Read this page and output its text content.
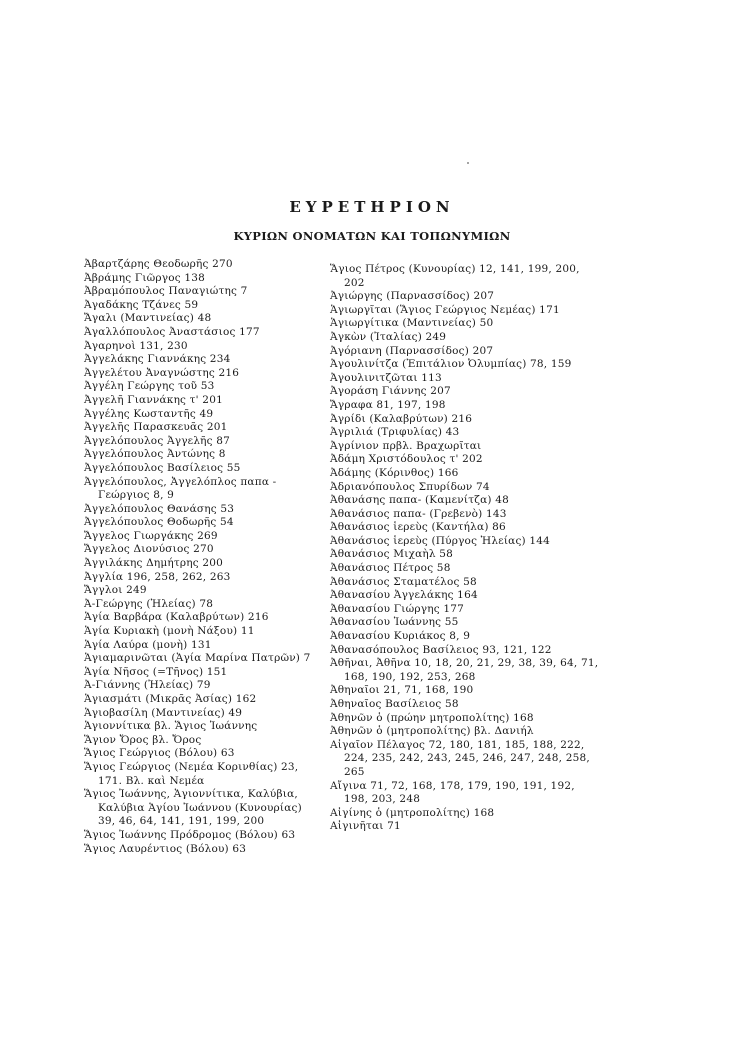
ΕΥΡΕΤΗΡΙΟΝ
ΚΥΡΙΩΝ ΟΝΟΜΑΤΩΝ ΚΑΙ ΤΟΠΩΝΥΜΙΩΝ
Ἀβαρτζάρης Θεοδωρῆς 270
Ἀβράμης Γιῶργος 138
Ἀβραμόπουλος Παναγιώτης 7
Ἀγαδάκης Τζάνες 59
Ἄγαλι (Μαντινείας) 48
Ἀγαλλόπουλος Ἀναστάσιος 177
Ἀγαρηνοὶ 131, 230
Ἀγγελάκης Γιαννάκης 234
Ἀγγελέτου Ἀναγνώστης 216
Ἀγγέλη Γεώργης τοῦ 53
Ἀγγελῆ Γιαννάκης τ' 201
Ἀγγέλης Κωσταντῆς 49
Ἀγγελῆς Παρασκευᾶς 201
Ἀγγελόπουλος Ἀγγελῆς 87
Ἀγγελόπουλος Ἀντώνης 8
Ἀγγελόπουλος Βασίλειος 55
Ἀγγελόπουλος, Ἀγγελόπλος παπα - Γεώργιος 8, 9
Ἀγγελόπουλος Θανάσης 53
Ἀγγελόπουλος Θοδωρῆς 54
Ἄγγελος Γιωργάκης 269
Ἄγγελος Διονύσιος 270
Ἀγγιλάκης Δημήτρης 200
Ἀγγλία 196, 258, 262, 263
Ἄγγλοι 249
Ἀ-Γεώργης (Ἠλείας) 78
Ἁγία Βαρβάρα (Καλαβρύτων) 216
Ἁγία Κυριακὴ (μονὴ Νάξου) 11
Ἁγία Λαύρα (μονὴ) 131
Ἁγιαμαρινῶται (Ἁγία Μαρίνα Πατρῶν) 7
Ἁγία Νῆσος (=Τῆνος) 151
Ἀ-Γιάννης (Ἠλείας) 79
Ἁγιασμάτι (Μικρᾶς Ἀσίας) 162
Ἁγιοβασίλη (Μαντινείας) 49
Ἁγιοννίτικα βλ. Ἅγιος Ἰωάννης
Ἅγιον Ὄρος βλ. Ὄρος
Ἅγιος Γεώργιος (Βόλου) 63
Ἅγιος Γεώργιος (Νεμέα Κορινθίας) 23, 171. Βλ. καὶ Νεμέα
Ἅγιος Ἰωάννης, Ἁγιοννίτικα, Καλύβια, Καλύβια Ἁγίου Ἰωάννου (Κυνουρίας) 39, 46, 64, 141, 191, 199, 200
Ἅγιος Ἰωάννης Πρόδρομος (Βόλου) 63
Ἅγιος Λαυρέντιος (Βόλου) 63
Ἅγιος Πέτρος (Κυνουρίας) 12, 141, 199, 200, 202
Ἀγιώργης (Παρνασσίδος) 207
Ἁγιωργῖται (Ἅγιος Γεώργιος Νεμέας) 171
Ἁγιωργίτικα (Μαντινείας) 50
Ἀγκὼν (Ἰταλίας) 249
Ἀγόριανη (Παρνασσίδος) 207
Ἀγουλινίτζα (Ἐπιτάλιον Ὀλυμπίας) 78, 159
Ἀγουλινιτζῶται 113
Ἀγοράση Γιάννης 207
Ἄγραφα 81, 197, 198
Ἀγρίδι (Καλαβρύτων) 216
Ἀγριλιά (Τριφυλίας) 43
Ἀγρίνιον πρβλ. Βραχωρῖται
Ἀδάμη Χριστόδουλος τ' 202
Ἀδάμης (Κόρινθος) 166
Ἀδριανόπουλος Σπυρίδων 74
Ἀθανάσης παπα- (Καμενίτζα) 48
Ἀθανάσιος παπα- (Γρεβενὸ) 143
Ἀθανάσιος ἱερεὺς (Καντήλα) 86
Ἀθανάσιος ἱερεὺς (Πύργος Ἠλείας) 144
Ἀθανάσιος Μιχαὴλ 58
Ἀθανάσιος Πέτρος 58
Ἀθανάσιος Σταματέλος 58
Ἀθανασίου Ἀγγελάκης 164
Ἀθανασίου Γιώργης 177
Ἀθανασίου Ἰωάννης 55
Ἀθανασίου Κυριάκος 8, 9
Ἀθανασόπουλος Βασίλειος 93, 121, 122
Ἀθῆναι, Ἀθῆνα 10, 18, 20, 21, 29, 38, 39, 64, 71, 168, 190, 192, 253, 268
Ἀθηναῖοι 21, 71, 168, 190
Ἀθηναῖος Βασίλειος 58
Ἀθηνῶν ὁ (πρώην μητροπολίτης) 168
Ἀθηνῶν ὁ (μητροπολίτης) βλ. Δανιήλ
Αἰγαῖον Πέλαγος 72, 180, 181, 185, 188, 222, 224, 235, 242, 243, 245, 246, 247, 248, 258, 265
Αἴγινα 71, 72, 168, 178, 179, 190, 191, 192, 198, 203, 248
Αἰγίνης ὁ (μητροπολίτης) 168
Αἰγινῆται 71
